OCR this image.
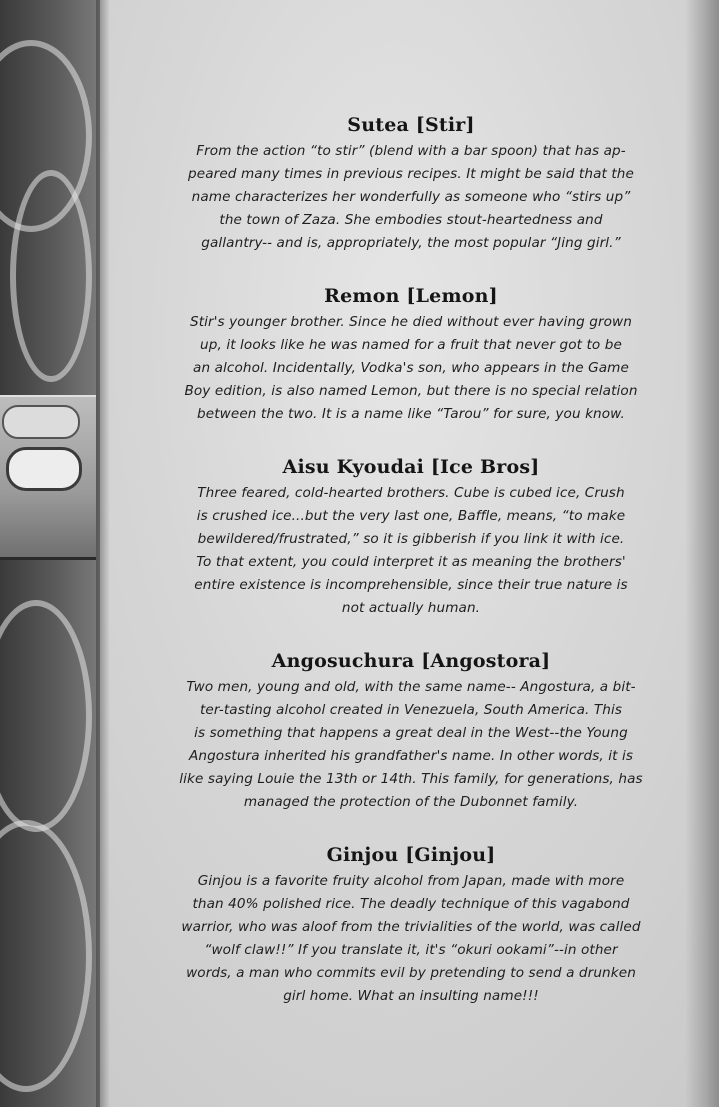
Sutea [Stir]

From the action “to stir” (blend with a bar spoon) that has ap-
peared many times in previous recipes. It might be said that the
name characterizes her wonderfully as someone who “stirs up”
the town of Zaza. She embodies stout-heartedness and
gallantry-- and is, appropriately, the most popular “Jing girl.”

Remon [Lemon]

Stir's younger brother. Since he died without ever having grown
up, it looks like he was named for a fruit that never got to be
an alcohol. Incidentally, Vodka's son, who appears in the Game
Boy edition, is also named Lemon, but there is no special relation
between the two. It is a name like “Tarou” for sure, you know.

Aisu Kyoudai [Ice Bros]

Three feared, cold-hearted brothers. Cube is cubed ice, Crush
is crushed ice...but the very last one, Baffle, means, “to make
bewildered/frustrated,” so it is gibberish if you link it with ice.
To that extent, you could interpret it as meaning the brothers'
entire existence is incomprehensible, since their true nature is
not actually human.

Angosuchura [Angostora]

Two men, young and old, with the same name-- Angostura, a bit-
ter-tasting alcohol created in Venezuela, South America. This
is something that happens a great deal in the West--the Young
Angostura inherited his grandfather's name. In other words, it is
like saying Louie the 13th or 14th. This family, for generations, has
managed the protection of the Dubonnet family.

Ginjou [Ginjou]

Ginjou is a favorite fruity alcohol from Japan, made with more
than 40% polished rice. The deadly technique of this vagabond
warrior, who was aloof from the trivialities of the world, was called
“wolf claw!!” If you translate it, it's “okuri ookami”--in other
words, a man who commits evil by pretending to send a drunken
girl home. What an insulting name!!!
